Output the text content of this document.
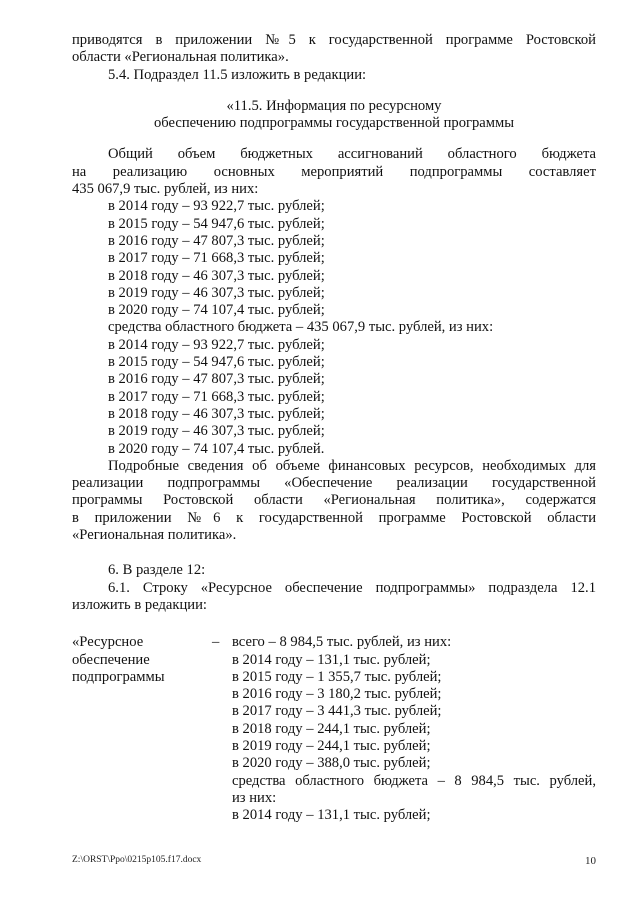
приводятся в приложении №5 к государственной программе Ростовской
области «Региональная политика».
5.4. Подраздел 11.5 изложить в редакции:
«11.5. Информация по ресурсному
обеспечению подпрограммы государственной программы
Общий объем бюджетных ассигнований областного бюджета
на реализацию основных мероприятий подпрограммы составляет
435 067,9 тыс. рублей, из них:
в 2014 году – 93 922,7 тыс. рублей;
в 2015 году – 54 947,6 тыс. рублей;
в 2016 году – 47 807,3 тыс. рублей;
в 2017 году – 71 668,3 тыс. рублей;
в 2018 году – 46 307,3 тыс. рублей;
в 2019 году – 46 307,3 тыс. рублей;
в 2020 году – 74 107,4 тыс. рублей;
средства областного бюджета – 435 067,9 тыс. рублей, из них:
в 2014 году – 93 922,7 тыс. рублей;
в 2015 году – 54 947,6 тыс. рублей;
в 2016 году – 47 807,3 тыс. рублей;
в 2017 году – 71 668,3 тыс. рублей;
в 2018 году – 46 307,3 тыс. рублей;
в 2019 году – 46 307,3 тыс. рублей;
в 2020 году – 74 107,4 тыс. рублей.
Подробные сведения об объеме финансовых ресурсов, необходимых для
реализации подпрограммы «Обеспечение реализации государственной
программы Ростовской области «Региональная политика», содержатся
в приложении №6 к государственной программе Ростовской области
«Региональная политика».
6. В разделе 12:
6.1. Строку «Ресурсное обеспечение подпрограммы» подраздела 12.1
изложить в редакции:
«Ресурсное
обеспечение
подпрограммы
– всего – 8 984,5 тыс. рублей, из них:
в 2014 году – 131,1 тыс. рублей;
в 2015 году – 1 355,7 тыс. рублей;
в 2016 году – 3 180,2 тыс. рублей;
в 2017 году – 3 441,3 тыс. рублей;
в 2018 году – 244,1 тыс. рублей;
в 2019 году – 244,1 тыс. рублей;
в 2020 году – 388,0 тыс. рублей;
средства областного бюджета – 8 984,5 тыс. рублей,
из них:
в 2014 году – 131,1 тыс. рублей;
Z:\ORST\Ppo\0215p105.f17.docx	10
